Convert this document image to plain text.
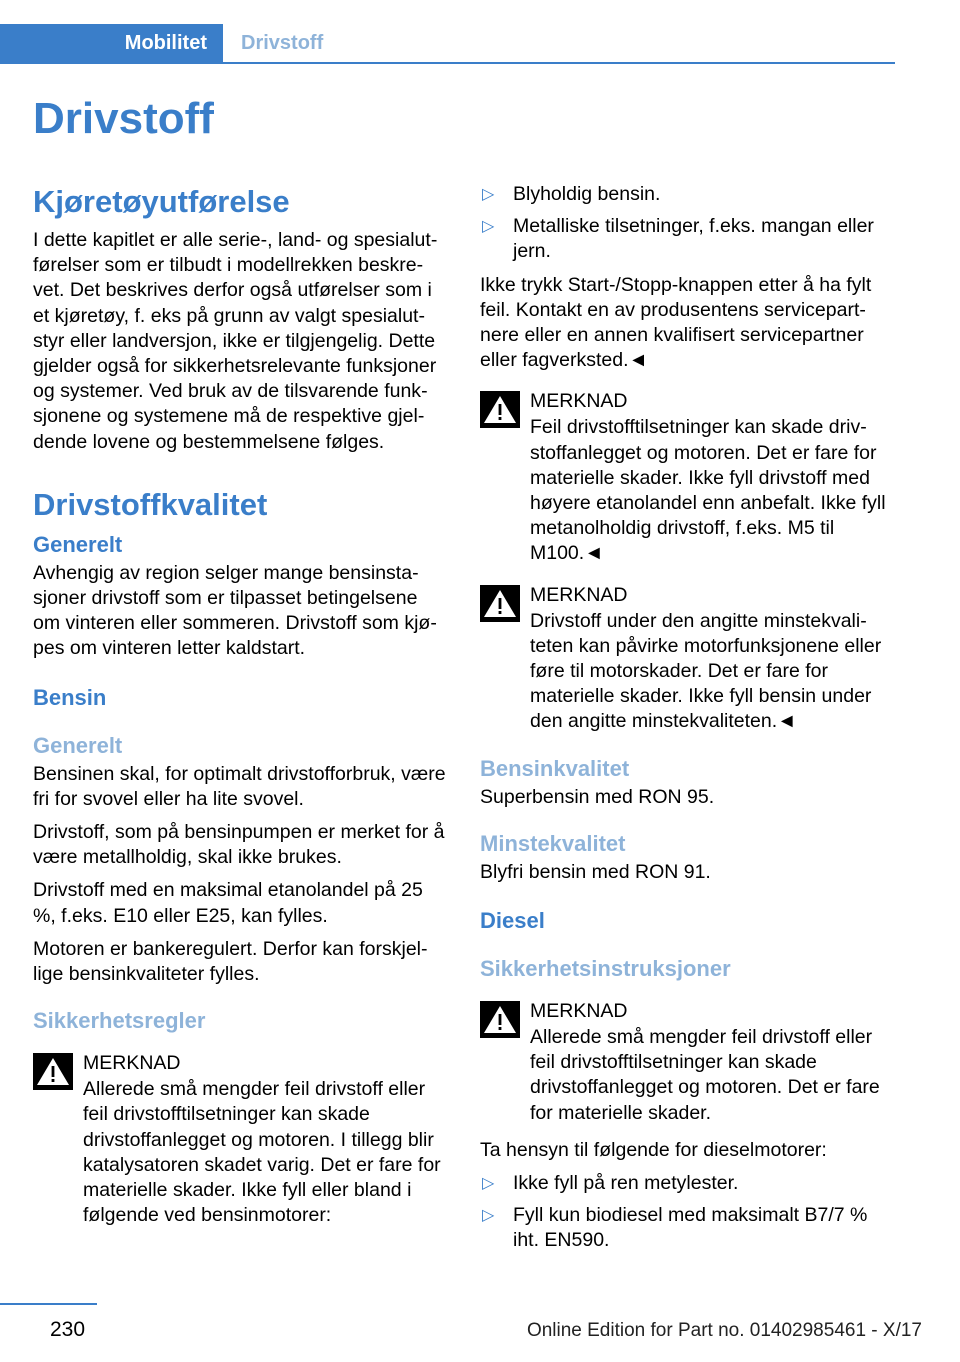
Mobilitet	Drivstoff
Drivstoff
Kjøretøyutførelse

I dette kapitlet er alle serie-, land- og spesialutførelser som er tilbudt i modellrekken beskrevet. Det beskrives derfor også utførelser som i et kjøretøy, f. eks på grunn av valgt spesialutstyr eller landversjon, ikke er tilgjengelig. Dette gjelder også for sikkerhetsrelevante funksjoner og systemer. Ved bruk av de tilsvarende funksjonene og systemene må de respektive gjeldende lovene og bestemmelsene følges.

Drivstoffkvalitet
Generelt

Avhengig av region selger mange bensinstasjoner drivstoff som er tilpasset betingelsene om vinteren eller sommeren. Drivstoff som kjøpes om vinteren letter kaldstart.

Bensin
Generelt

Bensinen skal, for optimalt drivstofforbruk, være fri for svovel eller ha lite svovel.

Drivstoff, som på bensinpumpen er merket for å være metallholdig, skal ikke brukes.

Drivstoff med en maksimal etanolandel på 25 %, f.eks. E10 eller E25, kan fylles.

Motoren er bankeregulert. Derfor kan forskjellige bensinkvaliteter fylles.

Sikkerhetsregler
MERKNAD
Allerede små mengder feil drivstoff eller feil drivstofftilsetninger kan skade drivstoffanlegget og motoren. I tillegg blir katalysatoren skadet varig. Det er fare for materielle skader. Ikke fyll eller bland i følgende ved bensinmotorer:
▷ Blyholdig bensin.
▷ Metalliske tilsetninger, f.eks. mangan eller jern.

Ikke trykk Start-/Stopp-knappen etter å ha fylt feil. Kontakt en av produsentens servicepartnere eller en annen kvalifisert servicepartner eller fagverksted.◄

MERKNAD
Feil drivstofftilsetninger kan skade drivstoffanlegget og motoren. Det er fare for materielle skader. Ikke fyll drivstoff med høyere etanolandel enn anbefalt. Ikke fyll metanolholdig drivstoff, f.eks. M5 til M100.◄
MERKNAD
Drivstoff under den angitte minstekvaliteten kan påvirke motorfunksjonene eller føre til motorskader. Det er fare for materielle skader. Ikke fyll bensin under den angitte minstekvaliteten.◄
Bensinkvalitet

Superbensin med RON 95.

Minstekvalitet

Blyfri bensin med RON 91.

Diesel
Sikkerhetsinstruksjoner
MERKNAD
Allerede små mengder feil drivstoff eller feil drivstofftilsetninger kan skade drivstoffanlegget og motoren. Det er fare for materielle skader.

Ta hensyn til følgende for dieselmotorer:

▷ Ikke fyll på ren metylester.
▷ Fyll kun biodiesel med maksimalt B7/7 % iht. EN590.
230	Online Edition for Part no. 01402985461 - X/17
